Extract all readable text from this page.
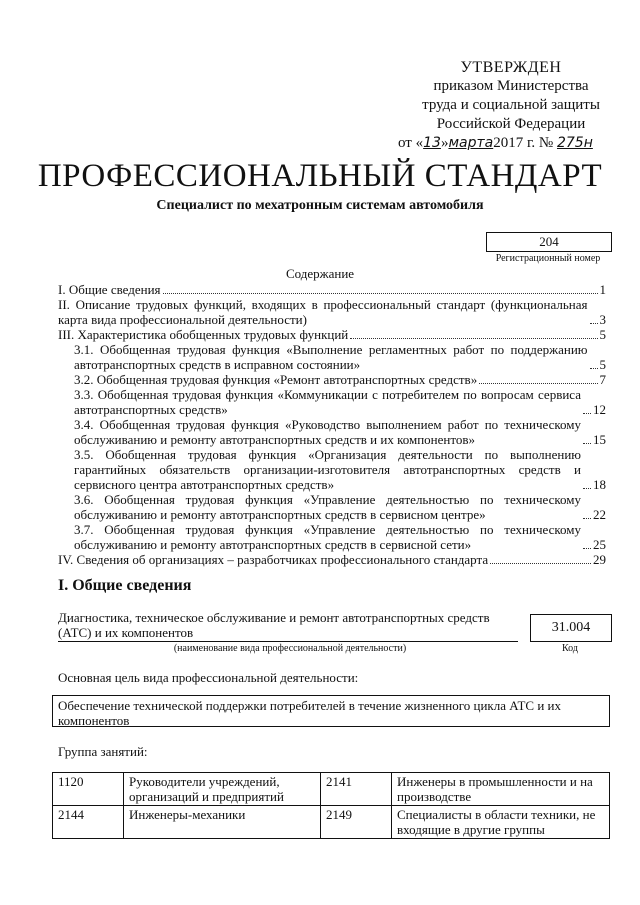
УТВЕРЖДЕН
приказом Министерства
труда и социальной защиты
Российской Федерации
от «13»марта2017 г. № 275н
ПРОФЕССИОНАЛЬНЫЙ СТАНДАРТ
Специалист по мехатронным системам автомобиля
204
Регистрационный номер
Содержание
I. Общие сведения	1
II. Описание трудовых функций, входящих в профессиональный стандарт (функциональная карта вида профессиональной деятельности)	3
III. Характеристика обобщенных трудовых функций	5
3.1. Обобщенная трудовая функция «Выполнение регламентных работ по поддержанию автотранспортных средств в исправном состоянии»	5
3.2. Обобщенная трудовая функция «Ремонт автотранспортных средств»	7
3.3. Обобщенная трудовая функция «Коммуникации с потребителем по вопросам сервиса автотранспортных средств»	12
3.4. Обобщенная трудовая функция «Руководство выполнением работ по техническому обслуживанию и ремонту автотранспортных средств и их компонентов»	15
3.5. Обобщенная трудовая функция «Организация деятельности по выполнению гарантийных обязательств организации-изготовителя автотранспортных средств и сервисного центра автотранспортных средств»	18
3.6. Обобщенная трудовая функция «Управление деятельностью по техническому обслуживанию и ремонту автотранспортных средств в сервисном центре»	22
3.7. Обобщенная трудовая функция «Управление деятельностью по техническому обслуживанию и ремонту автотранспортных средств в сервисной сети»	25
IV. Сведения об организациях – разработчиках профессионального стандарта	29
I. Общие сведения
Диагностика, техническое обслуживание и ремонт автотранспортных средств (АТС) и их компонентов
(наименование вида профессиональной деятельности)
31.004
Код
Основная цель вида профессиональной деятельности:
Обеспечение технической поддержки потребителей в течение жизненного цикла АТС и их компонентов
Группа занятий:
1120	Руководители учреждений, организаций и предприятий	2141	Инженеры в промышленности и на производстве
2144	Инженеры-механики	2149	Специалисты в области техники, не входящие в другие группы
